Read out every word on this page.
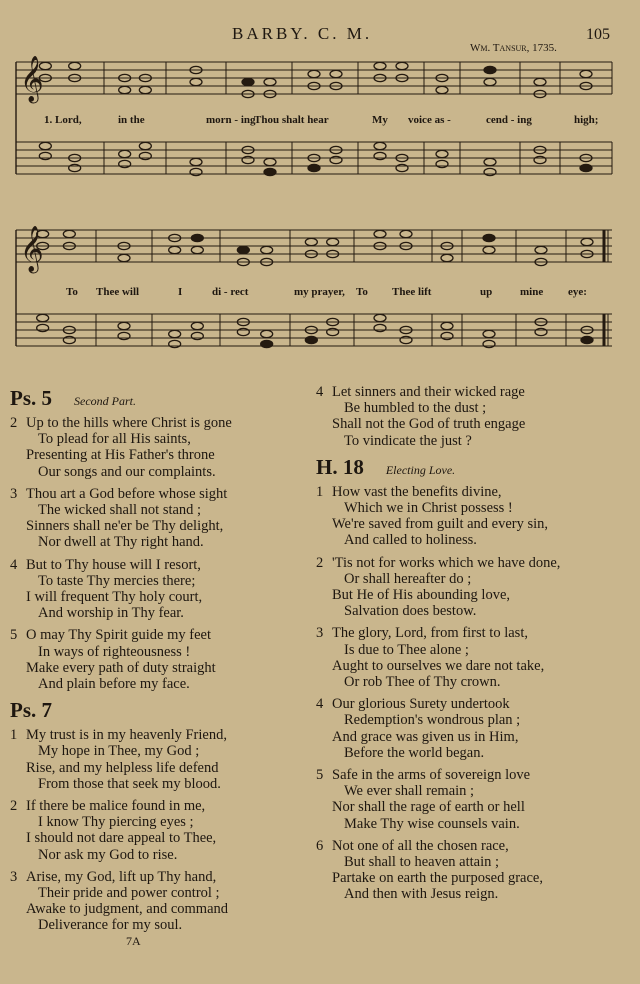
BARBY. C. M.	105
Wm. Tansur, 1735.
𝄞
𝄞
1. Lord,	in the	morn - ing
Thou shalt hear	My voice as -	cend - ing	high;
To Thee will	I	di - rect	my prayer, To Thee lift	up	mine eye:
Ps. 5 Second Part.
2 Up to the hills where Christ is gone
To plead for all His saints,
Presenting at His Father's throne
Our songs and our complaints.
3 Thou art a God before whose sight
The wicked shall not stand ;
Sinners shall ne'er be Thy delight,
Nor dwell at Thy right hand.
4 But to Thy house will I resort,
To taste Thy mercies there;
I will frequent Thy holy court,
And worship in Thy fear.
5 O may Thy Spirit guide my feet
In ways of righteousness !
Make every path of duty straight
And plain before my face.
Ps. 7
1 My trust is in my heavenly Friend,
My hope in Thee, my God ;
Rise, and my helpless life defend
From those that seek my blood.
2 If there be malice found in me,
I know Thy piercing eyes ;
I should not dare appeal to Thee,
Nor ask my God to rise.
3 Arise, my God, lift up Thy hand,
Their pride and power control ;
Awake to judgment, and command
Deliverance for my soul.
4 Let sinners and their wicked rage
Be humbled to the dust ;
Shall not the God of truth engage
To vindicate the just ?
H. 18 Electing Love.
1 How vast the benefits divine,
Which we in Christ possess !
We're saved from guilt and every sin,
And called to holiness.
2 'Tis not for works which we have done,
Or shall hereafter do ;
But He of His abounding love,
Salvation does bestow.
3 The glory, Lord, from first to last,
Is due to Thee alone ;
Aught to ourselves we dare not take,
Or rob Thee of Thy crown.
4 Our glorious Surety undertook
Redemption's wondrous plan ;
And grace was given us in Him,
Before the world began.
5 Safe in the arms of sovereign love
We ever shall remain ;
Nor shall the rage of earth or hell
Make Thy wise counsels vain.
6 Not one of all the chosen race,
But shall to heaven attain ;
Partake on earth the purposed grace,
And then with Jesus reign.
7A
